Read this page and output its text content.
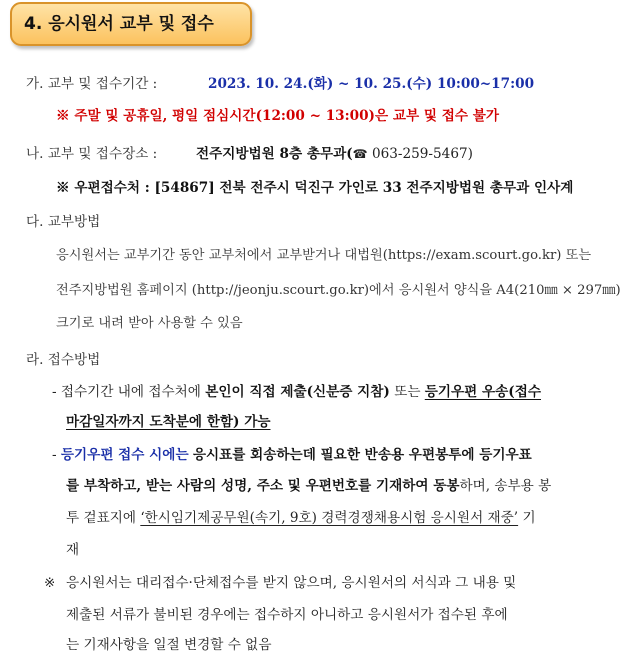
4. 응시원서 교부 및 접수
가. 교부 및 접수기간 :	2023. 10. 24.(화) ~ 10. 25.(수) 10:00~17:00
※ 주말 및 공휴일, 평일 점심시간(12:00 ~ 13:00)은 교부 및 접수 불가
나. 교부 및 접수장소 :	전주지방법원 8층 총무과(☎ 063-259-5467)
※ 우편접수처 : [54867] 전북 전주시 덕진구 가인로 33 전주지방법원 총무과 인사계
다. 교부방법
응시원서는 교부기간 동안 교부처에서 교부받거나 대법원(https://exam.scourt.go.kr) 또는
전주지방법원 홈페이지 (http://jeonju.scourt.go.kr)에서 응시원서 양식을 A4(210㎜ × 297㎜)
크기로 내려 받아 사용할 수 있음
라. 접수방법
- 접수기간 내에 접수처에 본인이 직접 제출(신분증 지참) 또는 등기우편 우송(접수
마감일자까지 도착분에 한함) 가능
- 등기우편 접수 시에는 응시표를 회송하는데 필요한 반송용 우편봉투에 등기우표
를 부착하고, 받는 사람의 성명, 주소 및 우편번호를 기재하여 동봉하며, 송부용 봉
투 겉표지에 ‘한시임기제공무원(속기, 9호) 경력경쟁채용시험 응시원서 재중’ 기
재
※ 응시원서는 대리접수·단체접수를 받지 않으며, 응시원서의 서식과 그 내용 및
제출된 서류가 불비된 경우에는 접수하지 아니하고 응시원서가 접수된 후에
는 기재사항을 일절 변경할 수 없음
